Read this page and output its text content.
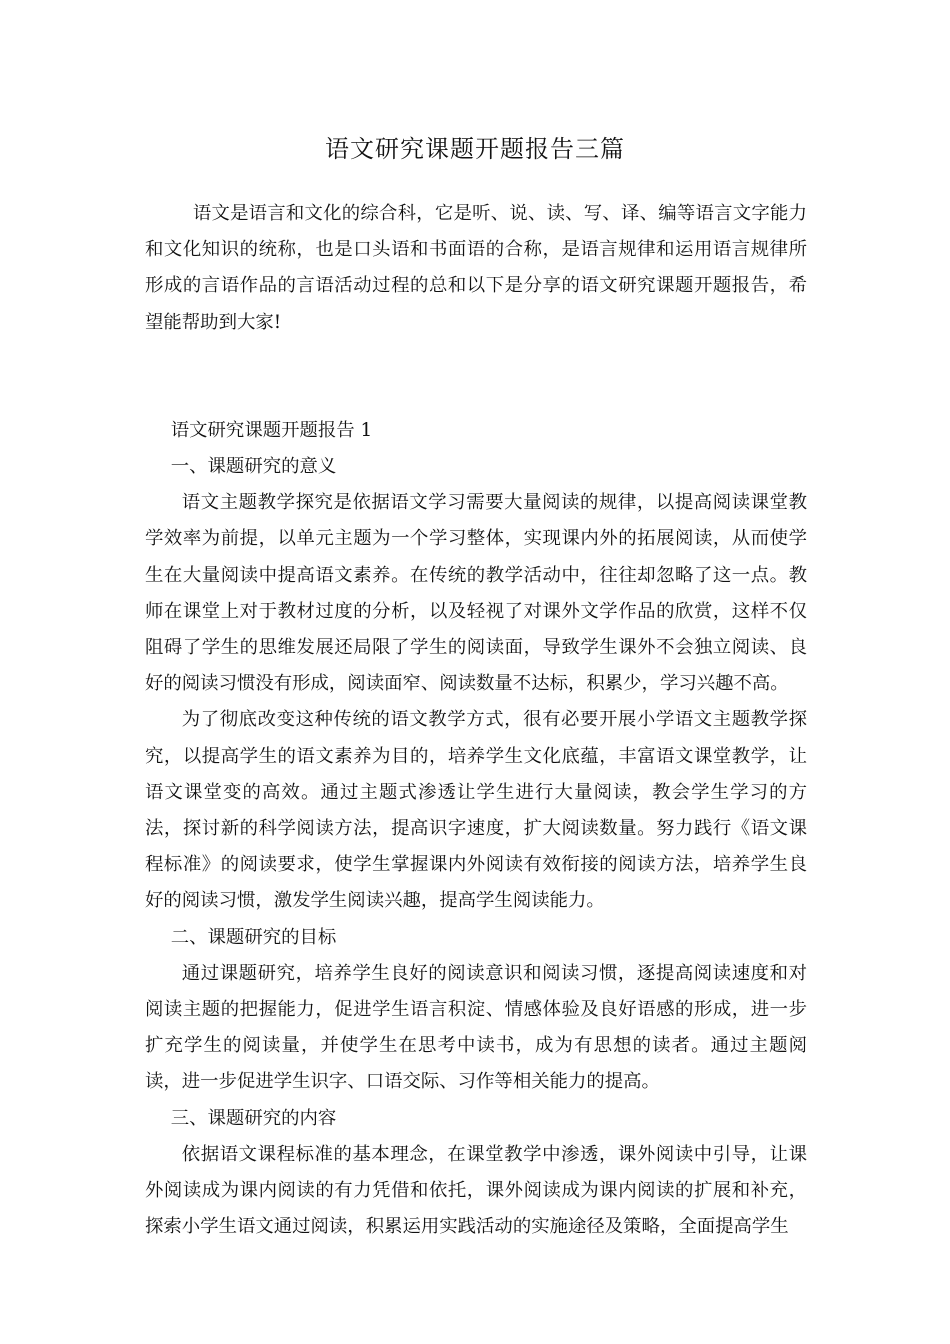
语文研究课题开题报告三篇

语文是语言和文化的综合科，它是听、说、读、写、译、编等语言文字能力和文化知识的统称，也是口头语和书面语的合称，是语言规律和运用语言规律所形成的言语作品的言语活动过程的总和以下是分享的语文研究课题开题报告，希望能帮助到大家!

语文研究课题开题报告 1

一、课题研究的意义

语文主题教学探究是依据语文学习需要大量阅读的规律，以提高阅读课堂教学效率为前提，以单元主题为一个学习整体，实现课内外的拓展阅读，从而使学生在大量阅读中提高语文素养。在传统的教学活动中，往往却忽略了这一点。教师在课堂上对于教材过度的分析，以及轻视了对课外文学作品的欣赏，这样不仅阻碍了学生的思维发展还局限了学生的阅读面，导致学生课外不会独立阅读、良好的阅读习惯没有形成，阅读面窄、阅读数量不达标，积累少，学习兴趣不高。

为了彻底改变这种传统的语文教学方式，很有必要开展小学语文主题教学探究，以提高学生的语文素养为目的，培养学生文化底蕴，丰富语文课堂教学，让语文课堂变的高效。通过主题式渗透让学生进行大量阅读，教会学生学习的方法，探讨新的科学阅读方法，提高识字速度，扩大阅读数量。努力践行《语文课程标准》的阅读要求，使学生掌握课内外阅读有效衔接的阅读方法，培养学生良好的阅读习惯，激发学生阅读兴趣，提高学生阅读能力。

二、课题研究的目标

通过课题研究，培养学生良好的阅读意识和阅读习惯，逐提高阅读速度和对阅读主题的把握能力，促进学生语言积淀、情感体验及良好语感的形成，进一步扩充学生的阅读量，并使学生在思考中读书，成为有思想的读者。通过主题阅读，进一步促进学生识字、口语交际、习作等相关能力的提高。

三、课题研究的内容

依据语文课程标准的基本理念，在课堂教学中渗透，课外阅读中引导，让课外阅读成为课内阅读的有力凭借和依托，课外阅读成为课内阅读的扩展和补充，探索小学生语文通过阅读，积累运用实践活动的实施途径及策略，全面提高学生
